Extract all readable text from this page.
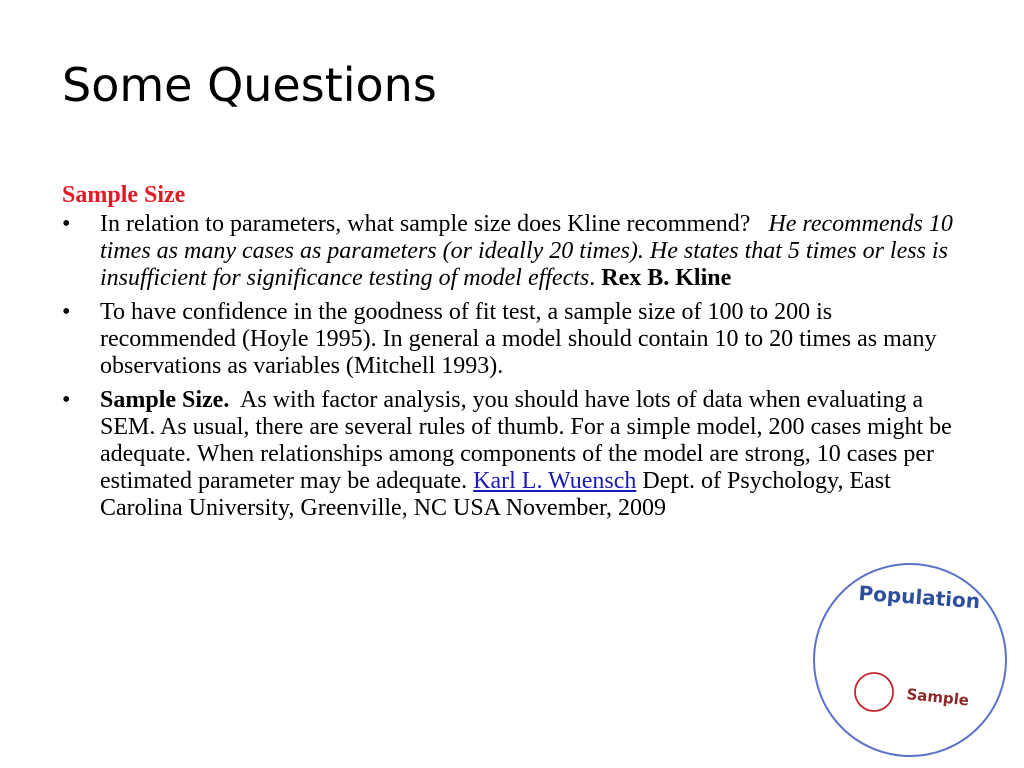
Some Questions
Sample Size
• In relation to parameters, what sample size does Kline recommend? He recommends 10 times as many cases as parameters (or ideally 20 times). He states that 5 times or less is insufficient for significance testing of model effects. Rex B. Kline
• To have confidence in the goodness of fit test, a sample size of 100 to 200 is recommended (Hoyle 1995). In general a model should contain 10 to 20 times as many observations as variables (Mitchell 1993).
• Sample Size. As with factor analysis, you should have lots of data when evaluating a SEM. As usual, there are several rules of thumb. For a simple model, 200 cases might be adequate. When relationships among components of the model are strong, 10 cases per estimated parameter may be adequate. Karl L. Wuensch Dept. of Psychology, East Carolina University, Greenville, NC USA November, 2009
Population
Sample
